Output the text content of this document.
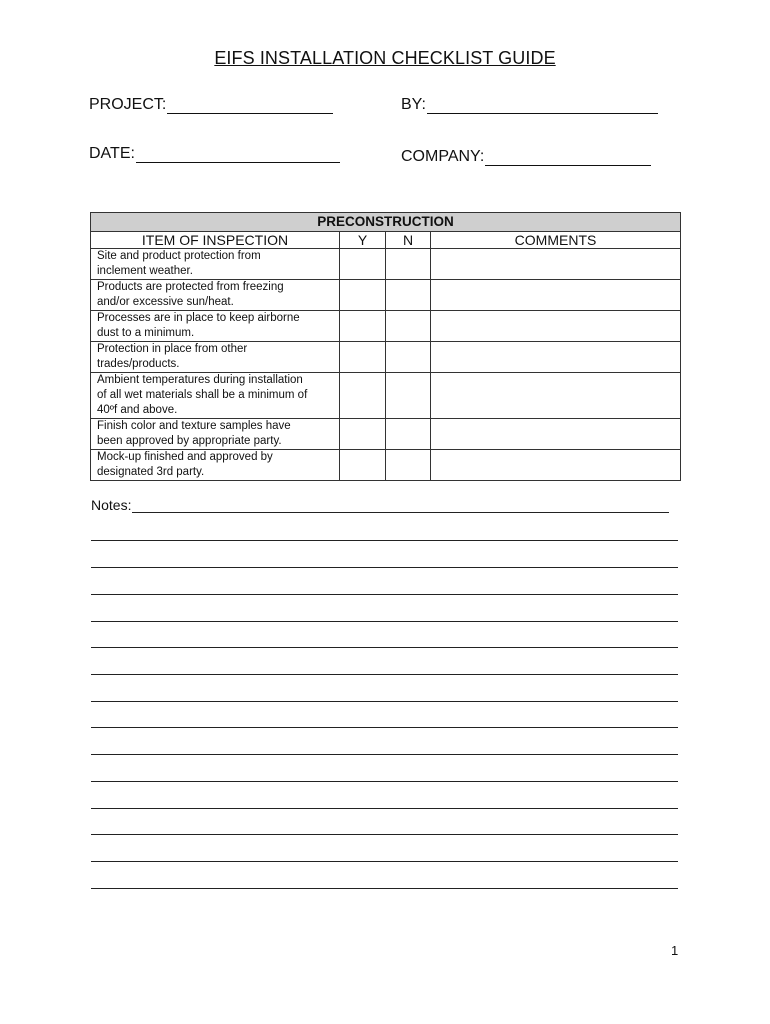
EIFS INSTALLATION CHECKLIST GUIDE
PROJECT:	BY:
DATE:	COMPANY:
PRECONSTRUCTION			
ITEM OF INSPECTION	Y	N	COMMENTS

Site and product protection from
inclement weather.			

Products are protected from freezing
and/or excessive sun/heat.			

Processes are in place to keep airborne
dust to a minimum.			

Protection in place from other
trades/products.			

Ambient temperatures during installation
of all wet materials shall be a minimum of
40ºf and above.			

Finish color and texture samples have
been approved by appropriate party.			

Mock-up finished and approved by
designated 3rd party.			

Notes:
1
